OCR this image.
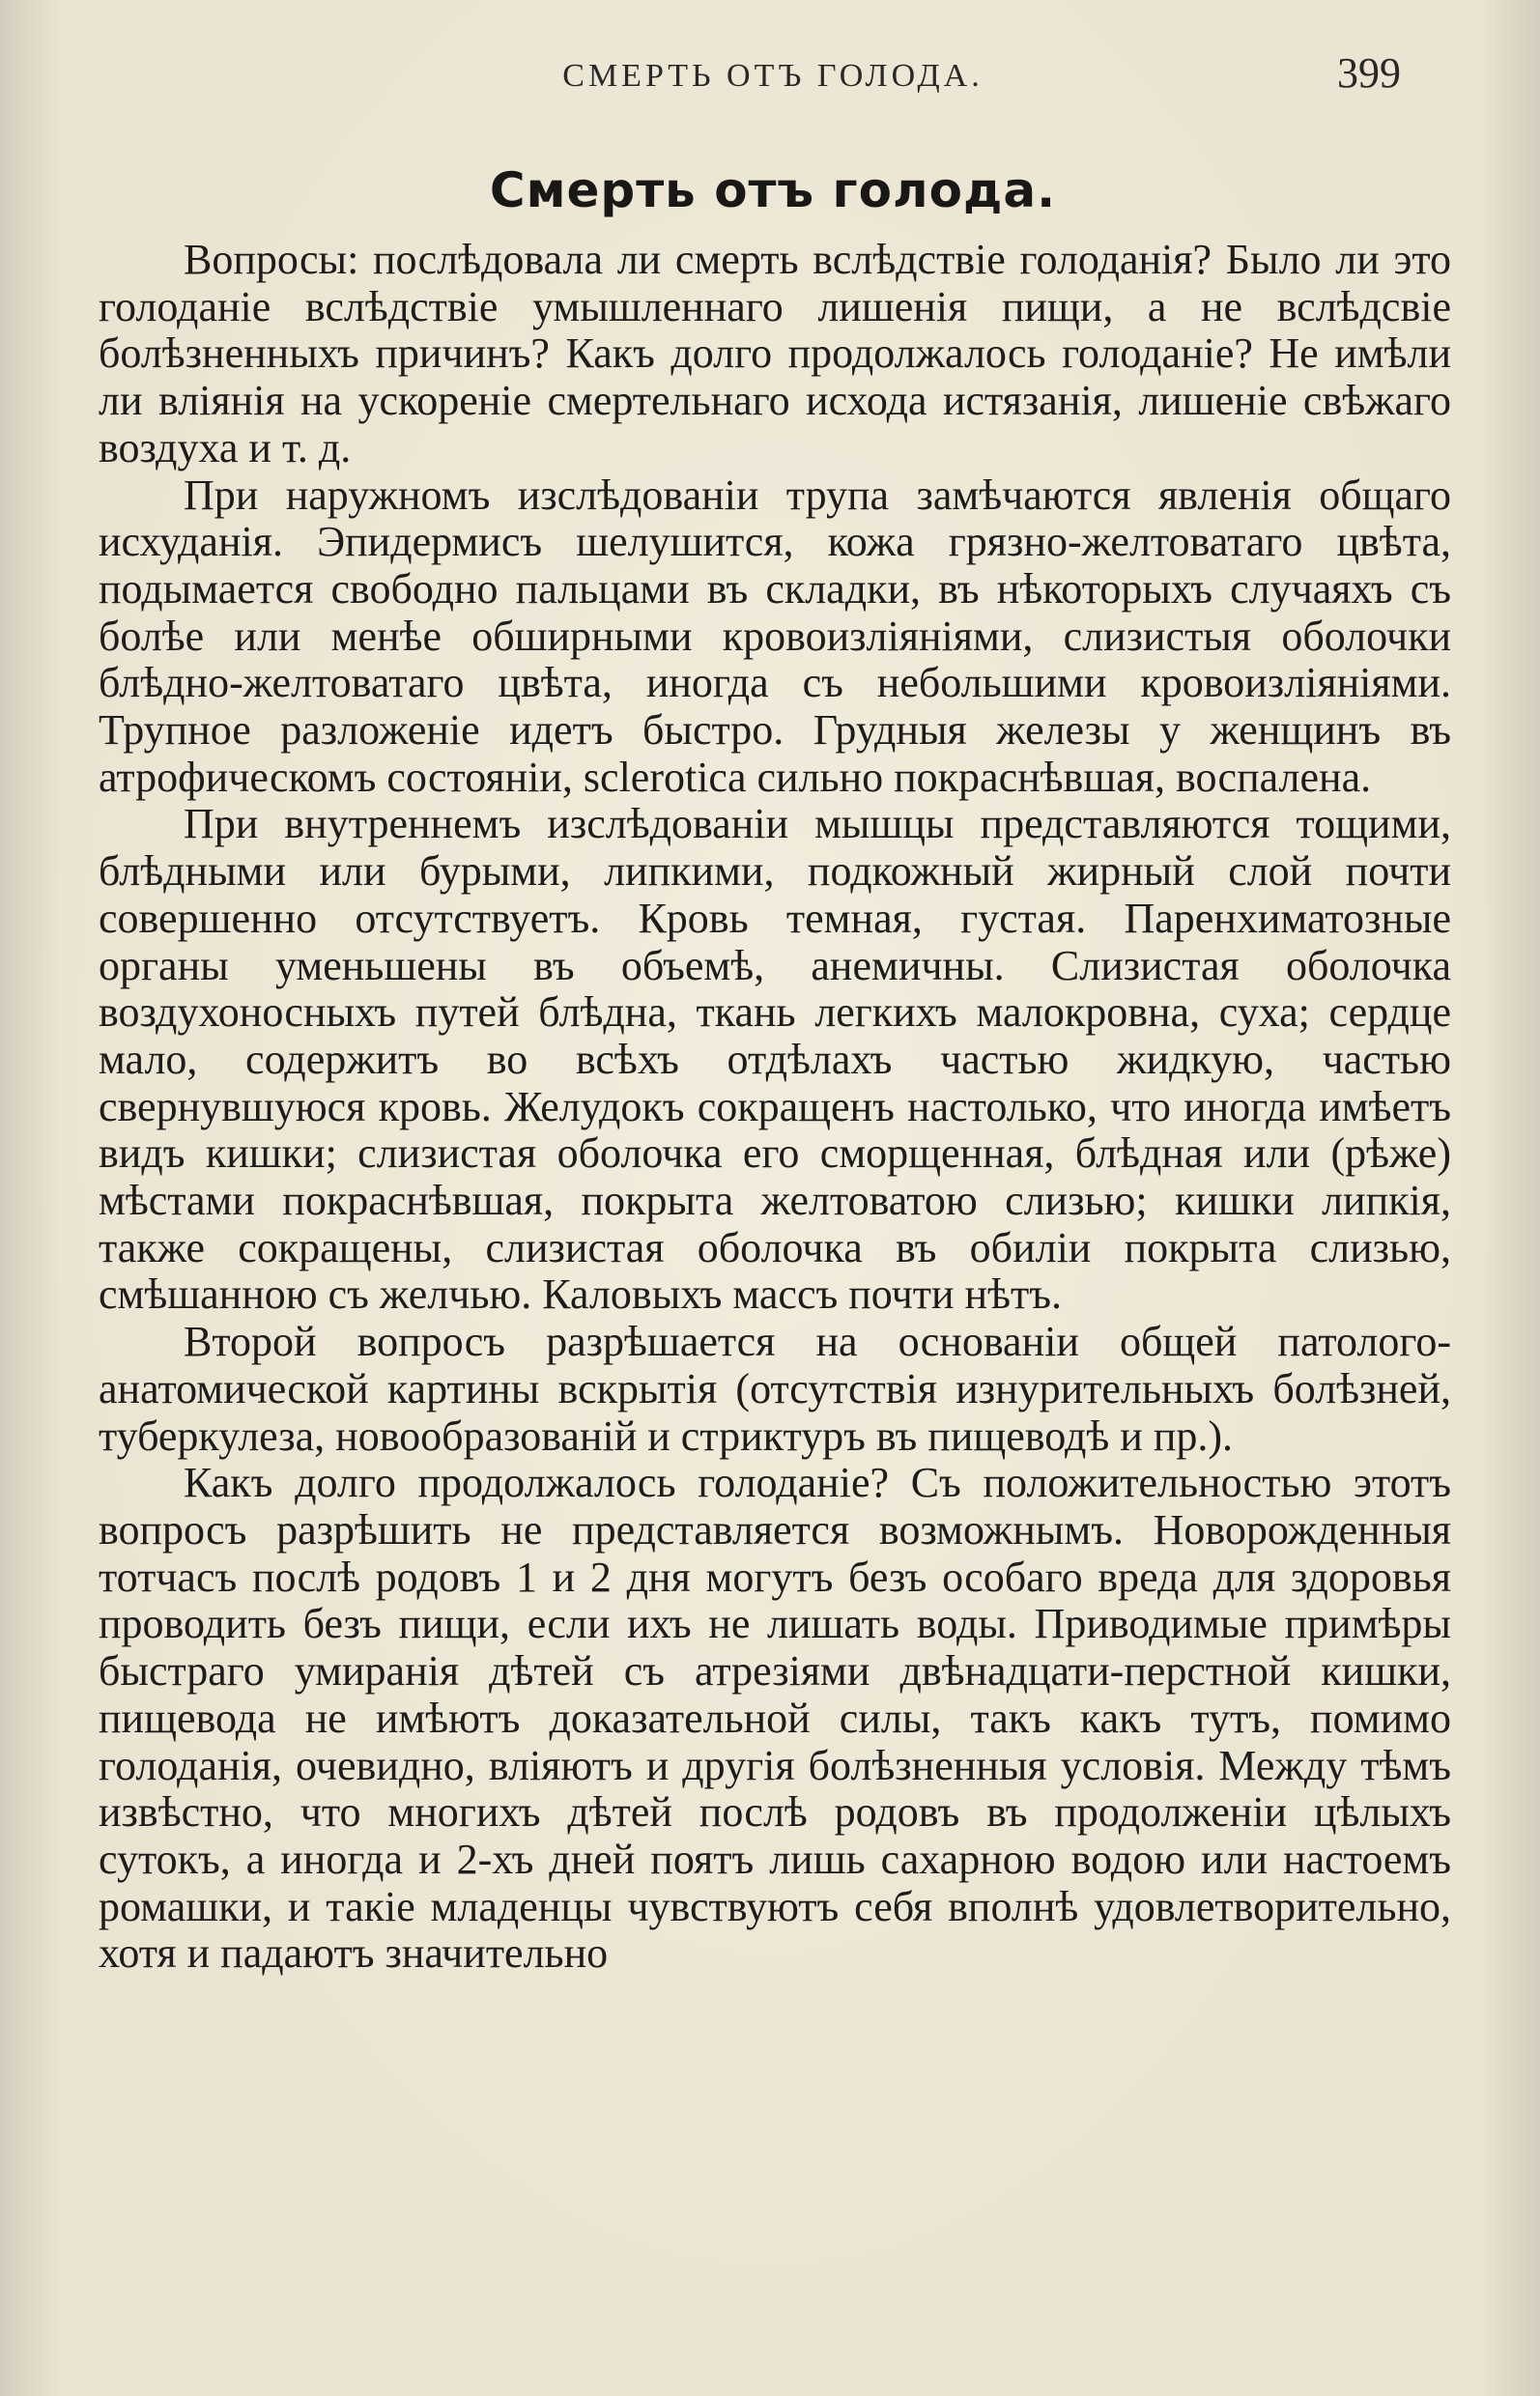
СМЕРТЬ ОТЪ ГОЛОДА.	399
Смерть отъ голода.

Вопросы: послѣдовала ли смерть вслѣдствіе голоданія? Было ли это голоданіе вслѣдствіе умышленнаго лишенія пищи, а не вслѣдсвіе болѣзненныхъ причинъ? Какъ долго продолжалось голоданіе? Не имѣли ли вліянія на ускореніе смертельнаго исхода истязанія, лишеніе свѣжаго воздуха и т. д.

При наружномъ изслѣдованіи трупа замѣчаются явленія общаго исхуданія. Эпидермисъ шелушится, кожа грязно-желтоватаго цвѣта, подымается свободно пальцами въ складки, въ нѣкоторыхъ случаяхъ съ болѣе или менѣе обширными кровоизліяніями, слизистыя оболочки блѣдно-желтоватаго цвѣта, иногда съ небольшими кровоизліяніями. Трупное разложеніе идетъ быстро. Грудныя железы у женщинъ въ атрофическомъ состояніи, sclerotica сильно покраснѣвшая, воспалена.

При внутреннемъ изслѣдованіи мышцы представляются тощими, блѣдными или бурыми, липкими, подкожный жирный слой почти совершенно отсутствуетъ. Кровь темная, густая. Паренхиматозные органы уменьшены въ объемѣ, анемичны. Слизистая оболочка воздухоносныхъ путей блѣдна, ткань легкихъ малокровна, суха; сердце мало, содержитъ во всѣхъ отдѣлахъ частью жидкую, частью свернувшуюся кровь. Желудокъ сокращенъ настолько, что иногда имѣетъ видъ кишки; слизистая оболочка его сморщенная, блѣдная или (рѣже) мѣстами покраснѣвшая, покрыта желтоватою слизью; кишки липкія, также сокращены, слизистая оболочка въ обиліи покрыта слизью, смѣшанною съ желчью. Каловыхъ массъ почти нѣтъ.

Второй вопросъ разрѣшается на основаніи общей патолого-анатомической картины вскрытія (отсутствія изнурительныхъ болѣзней, туберкулеза, новообразованій и стриктуръ въ пищеводѣ и пр.).

Какъ долго продолжалось голоданіе? Съ положительностью этотъ вопросъ разрѣшить не представляется возможнымъ. Новорожденныя тотчасъ послѣ родовъ 1 и 2 дня могутъ безъ особаго вреда для здоровья проводить безъ пищи, если ихъ не лишать воды. Приводимые примѣры быстраго умиранія дѣтей съ атрезіями двѣнадцати-перстной кишки, пищевода не имѣютъ доказательной силы, такъ какъ тутъ, помимо голоданія, очевидно, вліяютъ и другія болѣзненныя условія. Между тѣмъ извѣстно, что многихъ дѣтей послѣ родовъ въ продолженіи цѣлыхъ сутокъ, а иногда и 2-хъ дней поятъ лишь сахарною водою или настоемъ ромашки, и такіе младенцы чувствуютъ себя вполнѣ удовлетворительно, хотя и падаютъ значительно
